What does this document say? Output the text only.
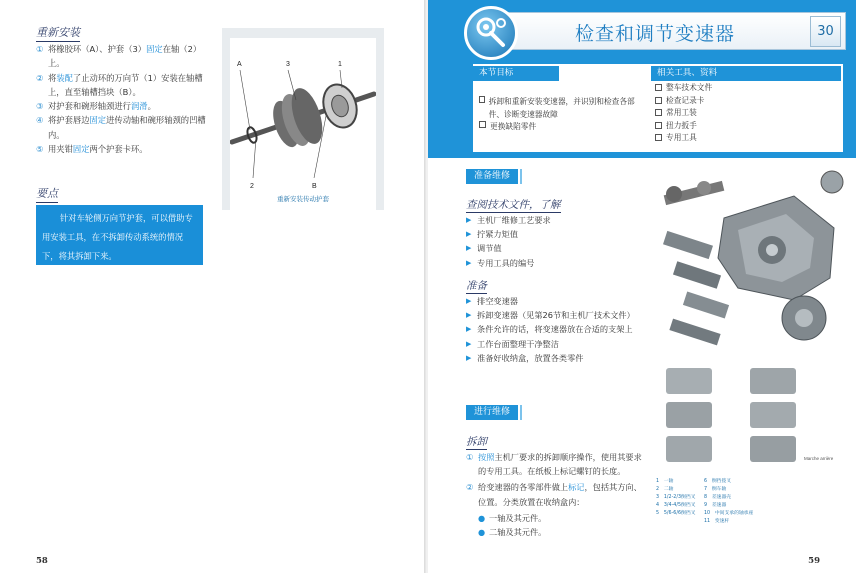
重新安装
① 将橡胶环（A）、护套（3）固定在轴（2）上。
② 将装配了止动环的万向节（1）安装在轴槽上，直至轴槽挡块（B）。
③ 对护套和碗形轴颈进行润滑。
④ 将护套唇边固定进传动轴和碗形轴颈的凹槽内。
⑤ 用夹钳固定两个护套卡环。
要点
针对车轮侧万向节护套，可以借助专用安装工具，在不拆卸传动系统的情况下，将其拆卸下来。
A	3	1
2	B
重新安装传动护套
58
检查和调节变速器	30
本节目标	相关工具、资料
拆卸和重新安装变速器，并识别和检查各部件、诊断变速器故障
更换缺陷零件
整车技术文件
检查记录卡
常用工装
扭力扳手
专用工具
准备维修
查阅技术文件，了解
▶ 主机厂维修工艺要求
▶ 拧紧力矩值
▶ 调节值
▶ 专用工具的编号
准备
▶ 排空变速器
▶ 拆卸变速器（见第26节和主机厂技术文件）
▶ 条件允许的话，将变速器放在合适的支架上
▶ 工作台面整理干净整洁
▶ 准备好收纳盒，放置各类零件
进行维修
拆卸
① 按照主机厂要求的拆卸顺序操作，使用其要求的专用工具。在纸板上标记螺钉的长度。
② 给变速器的各零部件做上标记，包括其方向、位置。分类放置在收纳盒内：
● 一轴及其元件。
● 二轴及其元件。
Marche arrière
1　一轴
2　二轴
3　1/2-2/3倒挡叉
4　3/4-4/5倒挡叉
5　5/6-6/6倒挡叉
6　倒挡拨叉
7　倒车轴
8　差速器壳
9　差速器
10　中间支承的轴承座
11　变速杆
59
